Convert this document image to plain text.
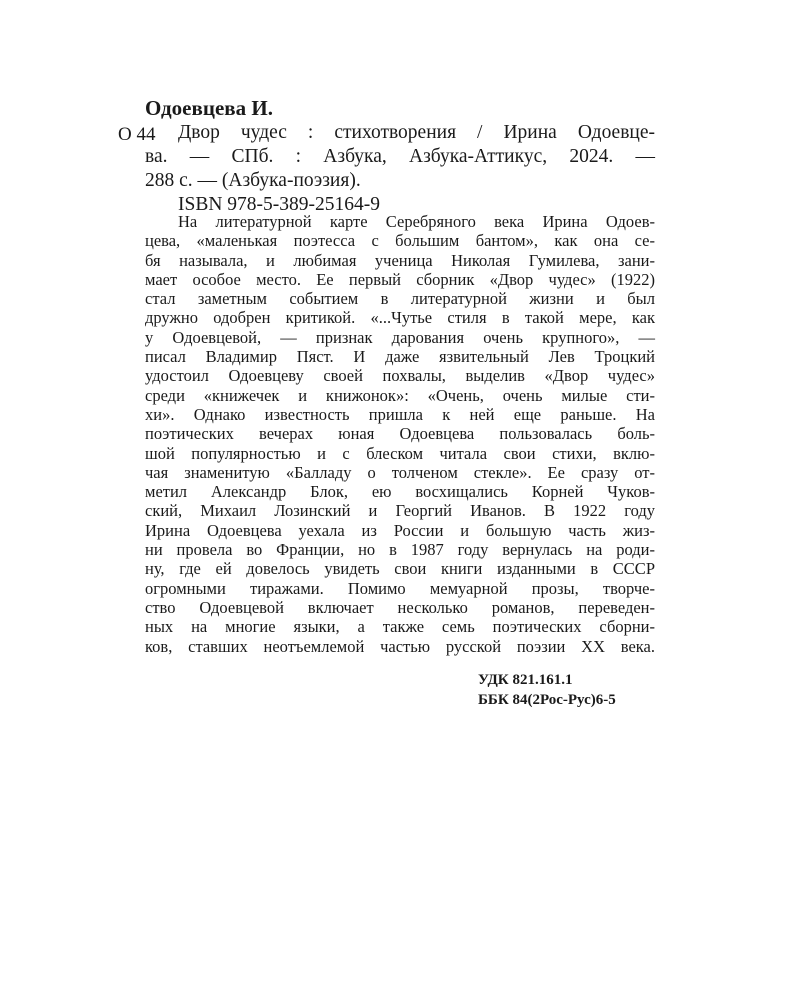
Одоевцева И.
О 44	Двор чудес : стихотворения / Ирина Одоевце-
ва. — СПб. : Азбука, Азбука-Аттикус, 2024. —
288 с. — (Азбука-поэзия).
ISBN 978-5-389-25164-9
На литературной карте Серебряного века Ирина Одоев-
цева, «маленькая поэтесса с большим бантом», как она се-
бя называла, и любимая ученица Николая Гумилева, зани-
мает особое место. Ее первый сборник «Двор чудес» (1922)
стал заметным событием в литературной жизни и был
дружно одобрен критикой. «...Чутье стиля в такой мере, как
у Одоевцевой, — признак дарования очень крупного», —
писал Владимир Пяст. И даже язвительный Лев Троцкий
удостоил Одоевцеву своей похвалы, выделив «Двор чудес»
среди «книжечек и книжонок»: «Очень, очень милые сти-
хи». Однако известность пришла к ней еще раньше. На
поэтических вечерах юная Одоевцева пользовалась боль-
шой популярностью и с блеском читала свои стихи, вклю-
чая знаменитую «Балладу о толченом стекле». Ее сразу от-
метил Александр Блок, ею восхищались Корней Чуков-
ский, Михаил Лозинский и Георгий Иванов. В 1922 году
Ирина Одоевцева уехала из России и большую часть жиз-
ни провела во Франции, но в 1987 году вернулась на роди-
ну, где ей довелось увидеть свои книги изданными в СССР
огромными тиражами. Помимо мемуарной прозы, творче-
ство Одоевцевой включает несколько романов, переведен-
ных на многие языки, а также семь поэтических сборни-
ков, ставших неотъемлемой частью русской поэзии XX века.
УДК 821.161.1
ББК 84(2Рос-Рус)6-5
